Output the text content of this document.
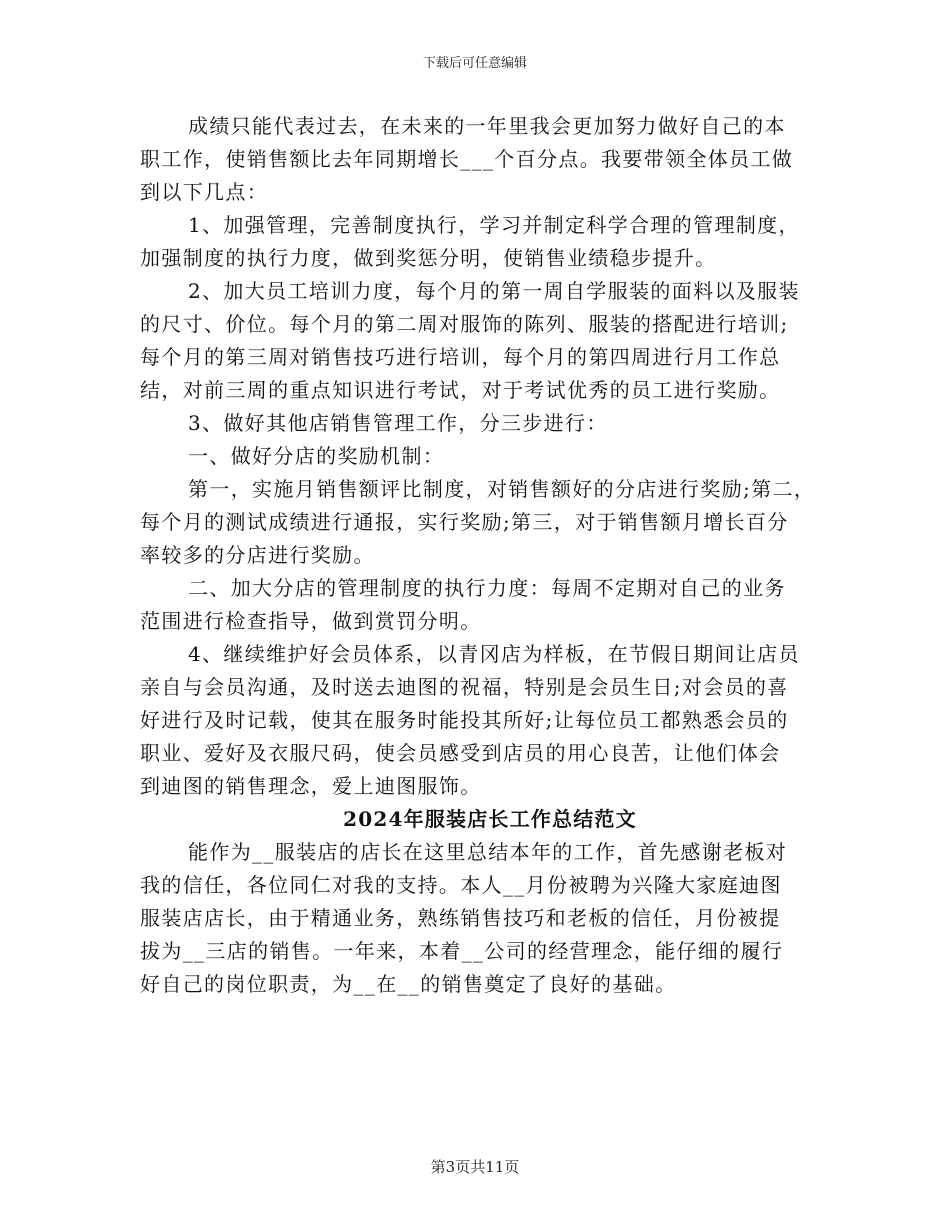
下载后可任意编辑
成绩只能代表过去，在未来的一年里我会更加努力做好自己的本
职工作，使销售额比去年同期增长___个百分点。我要带领全体员工做
到以下几点：
1、加强管理，完善制度执行，学习并制定科学合理的管理制度，
加强制度的执行力度，做到奖惩分明，使销售业绩稳步提升。
2、加大员工培训力度，每个月的第一周自学服装的面料以及服装
的尺寸、价位。每个月的第二周对服饰的陈列、服装的搭配进行培训;
每个月的第三周对销售技巧进行培训，每个月的第四周进行月工作总
结，对前三周的重点知识进行考试，对于考试优秀的员工进行奖励。
3、做好其他店销售管理工作，分三步进行：
一、做好分店的奖励机制：
第一，实施月销售额评比制度，对销售额好的分店进行奖励;第二，
每个月的测试成绩进行通报，实行奖励;第三，对于销售额月增长百分
率较多的分店进行奖励。
二、加大分店的管理制度的执行力度：每周不定期对自己的业务
范围进行检查指导，做到赏罚分明。
4、继续维护好会员体系，以青冈店为样板，在节假日期间让店员
亲自与会员沟通，及时送去迪图的祝福，特别是会员生日;对会员的喜
好进行及时记载，使其在服务时能投其所好;让每位员工都熟悉会员的
职业、爱好及衣服尺码，使会员感受到店员的用心良苦，让他们体会
到迪图的销售理念，爱上迪图服饰。
2024年服装店长工作总结范文
能作为__服装店的店长在这里总结本年的工作，首先感谢老板对
我的信任，各位同仁对我的支持。本人__月份被聘为兴隆大家庭迪图
服装店店长，由于精通业务，熟练销售技巧和老板的信任，月份被提
拔为__三店的销售。一年来，本着__公司的经营理念，能仔细的履行
好自己的岗位职责，为__在__的销售奠定了良好的基础。
第3页共11页
